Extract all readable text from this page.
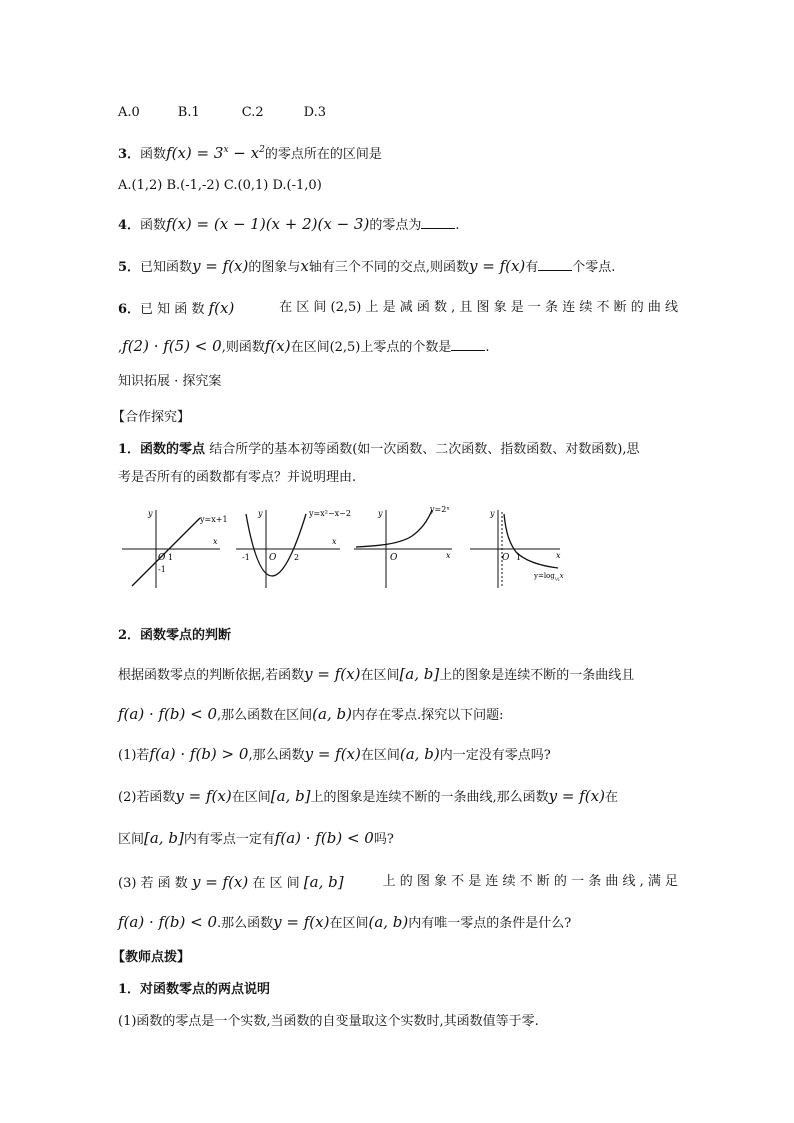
A.0	B.1	C.2	D.3
3．函数$f(x) = 3^x - x^2$的零点所在的区间是
A.(1,2) B.(-1,-2) C.(0,1) D.(-1,0)
4．函数f(x) = (x − 1)(x + 2)(x − 3)的零点为	.
5．已知函数y = f(x)的图象与x轴有三个不同的交点,则函数y = f(x)有	个零点.
6．已 知 函 数 f(x)	在 区 间 (2,5) 上 是 减 函 数 , 且 图 象 是 一 条 连 续 不 断 的 曲 线
,f(2) · f(5) < 0,则函数f(x)在区间(2,5)上零点的个数是	.
知识拓展 · 探究案
【合作探究】
1．函数的零点 结合所学的基本初等函数(如一次函数、二次函数、指数函数、对数函数),思
考是否所有的函数都有零点？并说明理由.
y=x+1
O 1
-1
x
y	y=x²−x−2
-1 O 2
x
y	y=2ˣ
O	x
y
O 1	x
y
$y=\log_{\frac{1}{2}}x$
2．函数零点的判断
根据函数零点的判断依据,若函数y = f(x)在区间[a, b]上的图象是连续不断的一条曲线且
f(a) · f(b) < 0,那么函数在区间(a, b)内存在零点.探究以下问题:
(1)若f(a) · f(b) > 0,那么函数y = f(x)在区间(a, b)内一定没有零点吗?
(2)若函数y = f(x)在区间[a, b]上的图象是连续不断的一条曲线,那么函数y = f(x)在
区间[a, b]内有零点一定有f(a) · f(b) < 0吗?
(3) 若 函 数 y = f(x) 在 区 间 [a, b]	上 的 图 象 不 是 连 续 不 断 的 一 条 曲 线 , 满 足
f(a) · f(b) < 0.那么函数y = f(x)在区间(a, b)内有唯一零点的条件是什么?
【教师点拨】
1．对函数零点的两点说明
(1)函数的零点是一个实数,当函数的自变量取这个实数时,其函数值等于零.
